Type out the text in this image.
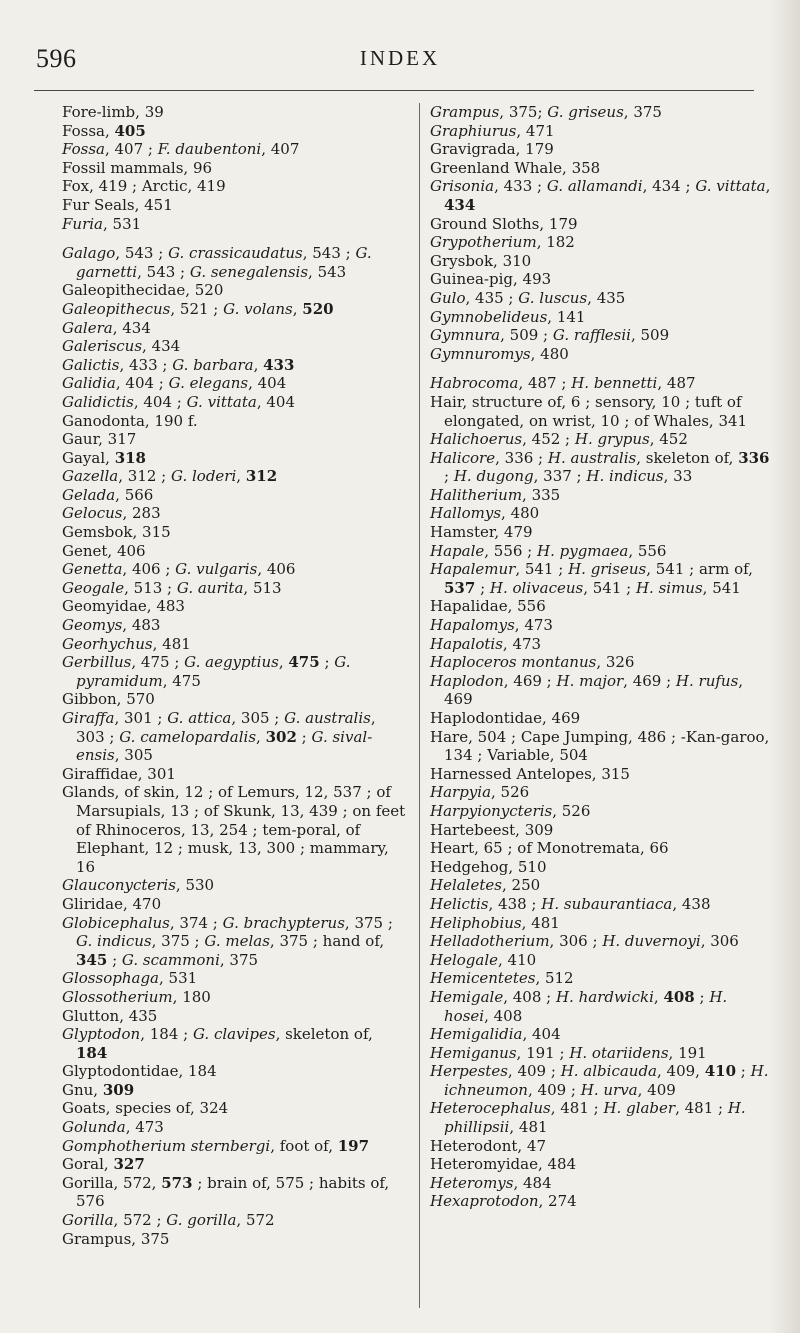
596	INDEX
Fore-limb, 39
Fossa, 405
Fossa, 407 ; F. daubentoni, 407
Fossil mammals, 96
Fox, 419 ; Arctic, 419
Fur Seals, 451
Furia, 531
Galago, 543 ; G. crassicaudatus, 543 ; G. garnetti, 543 ; G. senegalensis, 543
Galeopithecidae, 520
Galeopithecus, 521 ; G. volans, 520
Galera, 434
Galeriscus, 434
Galictis, 433 ; G. barbara, 433
Galidia, 404 ; G. elegans, 404
Galidictis, 404 ; G. vittata, 404
Ganodonta, 190 f.
Gaur, 317
Gayal, 318
Gazella, 312 ; G. loderi, 312
Gelada, 566
Gelocus, 283
Gemsbok, 315
Genet, 406
Genetta, 406 ; G. vulgaris, 406
Geogale, 513 ; G. aurita, 513
Geomyidae, 483
Geomys, 483
Georhychus, 481
Gerbillus, 475 ; G. aegyptius, 475 ; G. pyramidum, 475
Gibbon, 570
Giraffa, 301 ; G. attica, 305 ; G. australis, 303 ; G. camelopardalis, 302 ; G. sival-ensis, 305
Giraffidae, 301
Glands, of skin, 12 ; of Lemurs, 12, 537 ; of Marsupials, 13 ; of Skunk, 13, 439 ; on feet of Rhinoceros, 13, 254 ; tem-poral, of Elephant, 12 ; musk, 13, 300 ; mammary, 16
Glauconycteris, 530
Gliridae, 470
Globicephalus, 374 ; G. brachypterus, 375 ; G. indicus, 375 ; G. melas, 375 ; hand of, 345 ; G. scammoni, 375
Glossophaga, 531
Glossotherium, 180
Glutton, 435
Glyptodon, 184 ; G. clavipes, skeleton of, 184
Glyptodontidae, 184
Gnu, 309
Goats, species of, 324
Golunda, 473
Gomphotherium sternbergi, foot of, 197
Goral, 327
Gorilla, 572, 573 ; brain of, 575 ; habits of, 576
Gorilla, 572 ; G. gorilla, 572
Grampus, 375
Grampus, 375; G. griseus, 375
Graphiurus, 471
Gravigrada, 179
Greenland Whale, 358
Grisonia, 433 ; G. allamandi, 434 ; G. vittata, 434
Ground Sloths, 179
Grypotherium, 182
Grysbok, 310
Guinea-pig, 493
Gulo, 435 ; G. luscus, 435
Gymnobelideus, 141
Gymnura, 509 ; G. rafflesii, 509
Gymnuromys, 480
Habrocoma, 487 ; H. bennetti, 487
Hair, structure of, 6 ; sensory, 10 ; tuft of elongated, on wrist, 10 ; of Whales, 341
Halichoerus, 452 ; H. grypus, 452
Halicore, 336 ; H. australis, skeleton of, 336 ; H. dugong, 337 ; H. indicus, 33
Halitherium, 335
Hallomys, 480
Hamster, 479
Hapale, 556 ; H. pygmaea, 556
Hapalemur, 541 ; H. griseus, 541 ; arm of, 537 ; H. olivaceus, 541 ; H. simus, 541
Hapalidae, 556
Hapalomys, 473
Hapalotis, 473
Haploceros montanus, 326
Haplodon, 469 ; H. major, 469 ; H. rufus, 469
Haplodontidae, 469
Hare, 504 ; Cape Jumping, 486 ; -Kan-garoo, 134 ; Variable, 504
Harnessed Antelopes, 315
Harpyia, 526
Harpyionycteris, 526
Hartebeest, 309
Heart, 65 ; of Monotremata, 66
Hedgehog, 510
Helaletes, 250
Helictis, 438 ; H. subaurantiaca, 438
Heliphobius, 481
Helladotherium, 306 ; H. duvernoyi, 306
Helogale, 410
Hemicentetes, 512
Hemigale, 408 ; H. hardwicki, 408 ; H. hosei, 408
Hemigalidia, 404
Hemiganus, 191 ; H. otariidens, 191
Herpestes, 409 ; H. albicauda, 409, 410 ; H. ichneumon, 409 ; H. urva, 409
Heterocephalus, 481 ; H. glaber, 481 ; H. phillipsii, 481
Heterodont, 47
Heteromyidae, 484
Heteromys, 484
Hexaprotodon, 274
